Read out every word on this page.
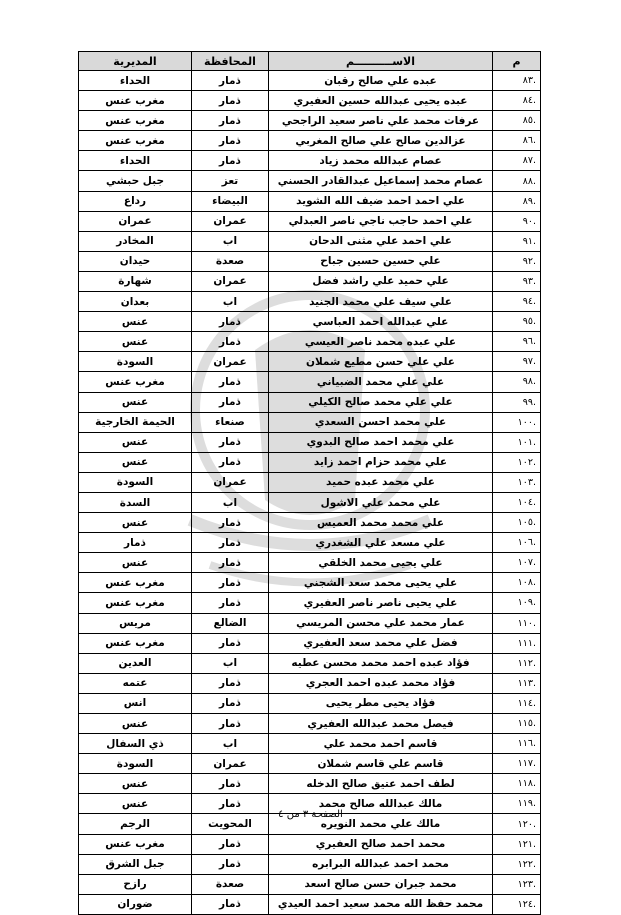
م	الاســــــــــم	المحافظة	المديرية
.٨٣	عبده علي صالح رقبان	ذمار	الحداء
.٨٤	عبده يحيى عبدالله حسين العفيري	ذمار	مغرب عنس
.٨٥	عرفات محمد علي ناصر سعيد الراجحي	ذمار	مغرب عنس
.٨٦	عزالدين صالح علي صالح المغربي	ذمار	مغرب عنس
.٨٧	عصام عبدالله محمد زياد	ذمار	الحداء
.٨٨	عصام محمد إسماعيل عبدالقادر الحسني	تعز	جبل حبشي
.٨٩	علي احمد احمد ضيف الله الشويد	البيضاء	رداع
.٩٠	علي احمد حاجب ناجي ناصر العبدلي	عمران	عمران
.٩١	علي احمد علي مثنى الدحان	اب	المخادر
.٩٢	علي حسين حسين جباح	صعدة	حيدان
.٩٣	علي حميد علي راشد فضل	عمران	شهارة
.٩٤	علي سيف علي محمد الجنيد	اب	بعدان
.٩٥	علي عبدالله احمد العباسي	ذمار	عنس
.٩٦	علي عبده محمد ناصر العيسي	ذمار	عنس
.٩٧	علي علي حسن مطيع شملان	عمران	السودة
.٩٨	علي علي محمد الضبياني	ذمار	مغرب عنس
.٩٩	علي علي محمد صالح الكيلي	ذمار	عنس
.١٠٠	علي محمد احسن السعدي	صنعاء	الحيمة الخارجية
.١٠١	علي محمد احمد صالح البدوي	ذمار	عنس
.١٠٢	علي محمد حزام احمد زايد	ذمار	عنس
.١٠٣	علي محمد عبده حميد	عمران	السودة
.١٠٤	علي محمد علي الاشول	اب	السدة
.١٠٥	علي محمد محمد العميس	ذمار	عنس
.١٠٦	علي مسعد علي الشغدري	ذمار	ذمار
.١٠٧	علي يحيى محمد الخلقي	ذمار	عنس
.١٠٨	علي يحيى محمد سعد الشجني	ذمار	مغرب عنس
.١٠٩	علي يحيى ناصر ناصر العفيري	ذمار	مغرب عنس
.١١٠	عمار محمد علي محسن المريسي	الضالع	مريس
.١١١	فضل علي محمد سعد العفيري	ذمار	مغرب عنس
.١١٢	فؤاد عبده احمد محمد محسن عطيه	اب	العدين
.١١٣	فؤاد محمد عبده احمد العجري	ذمار	عتمه
.١١٤	فؤاد يحيى مطر يحيى	ذمار	انس
.١١٥	فيصل محمد عبدالله العفيري	ذمار	عنس
.١١٦	قاسم احمد محمد علي	اب	ذي السفال
.١١٧	قاسم علي قاسم شملان	عمران	السودة
.١١٨	لطف احمد عتيق صالح الدخله	ذمار	عنس
.١١٩	مالك عبدالله صالح محمد	ذمار	عنس
.١٢٠	مالك علي محمد النويره	المحويت	الرجم
.١٢١	محمد احمد صالح العفيري	ذمار	مغرب عنس
.١٢٢	محمد احمد عبدالله البرابره	ذمار	جبل الشرق
.١٢٣	محمد جبران حسن صالح اسعد	صعدة	رازح
.١٢٤	محمد حفظ الله محمد سعيد احمد العيدي	ذمار	ضوران
الصفحة ٣ من ٤
